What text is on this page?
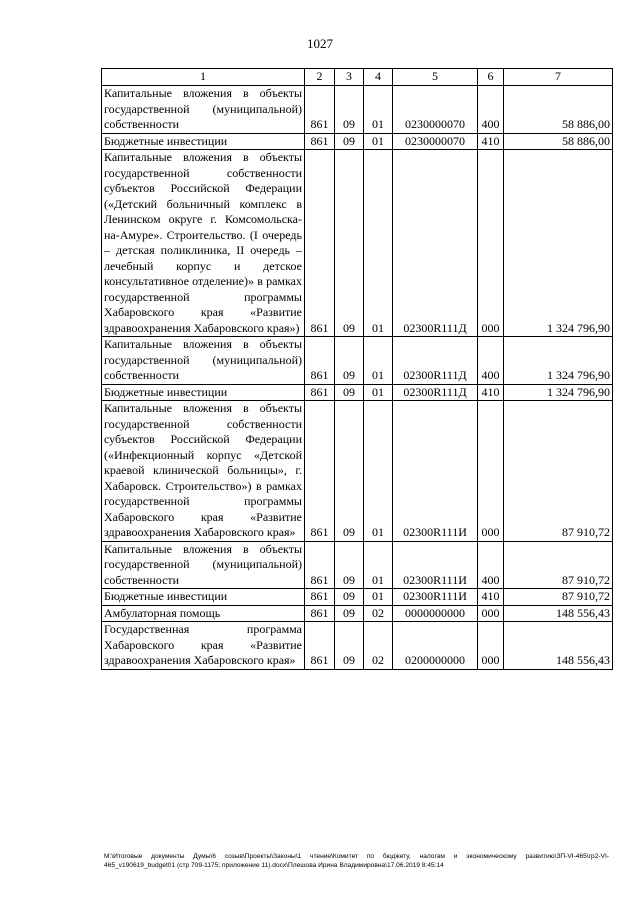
1027
1	2	3	4	5	6	7
Капитальные вложения в объекты государственной (муниципальной) собственности	861	09	01	0230000070	400	58 886,00
Бюджетные инвестиции	861	09	01	0230000070	410	58 886,00
Капитальные вложения в объекты государственной собственности субъектов Российской Федерации («Детский больничный комплекс в Ленинском округе г. Комсомольска-на-Амуре». Строительство. (I очередь – детская поликлиника, II очередь – лечебный корпус и детское консультативное отделение)» в рамках государственной программы Хабаровского края «Развитие здравоохранения Хабаровского края»)	861	09	01	02300R111Д	000	1 324 796,90
Капитальные вложения в объекты государственной (муниципальной) собственности	861	09	01	02300R111Д	400	1 324 796,90
Бюджетные инвестиции	861	09	01	02300R111Д	410	1 324 796,90
Капитальные вложения в объекты государственной собственности субъектов Российской Федерации («Инфекционный корпус «Детской краевой клинической больницы», г. Хабаровск. Строительство») в рамках государственной программы Хабаровского края «Развитие здравоохранения Хабаровского края»	861	09	01	02300R111И	000	87 910,72
Капитальные вложения в объекты государственной (муниципальной) собственности	861	09	01	02300R111И	400	87 910,72
Бюджетные инвестиции	861	09	01	02300R111И	410	87 910,72
Амбулаторная помощь	861	09	02	0000000000	000	148 556,43
Государственная программа Хабаровского края «Развитие здравоохранения Хабаровского края»	861	09	02	0200000000	000	148 556,43
M:\Итоговые документы Думы\6 созыв\Проекты\Законы\1 чтение\Комитет по бюджету, налогам и экономическому развитию\ЗП-VI-465\гр2-VI-465_v190619_budget01 (стр 709-1175; приложение 11).docx\Плешова Ирина Владимировна\17.06.2019 8:45:14
